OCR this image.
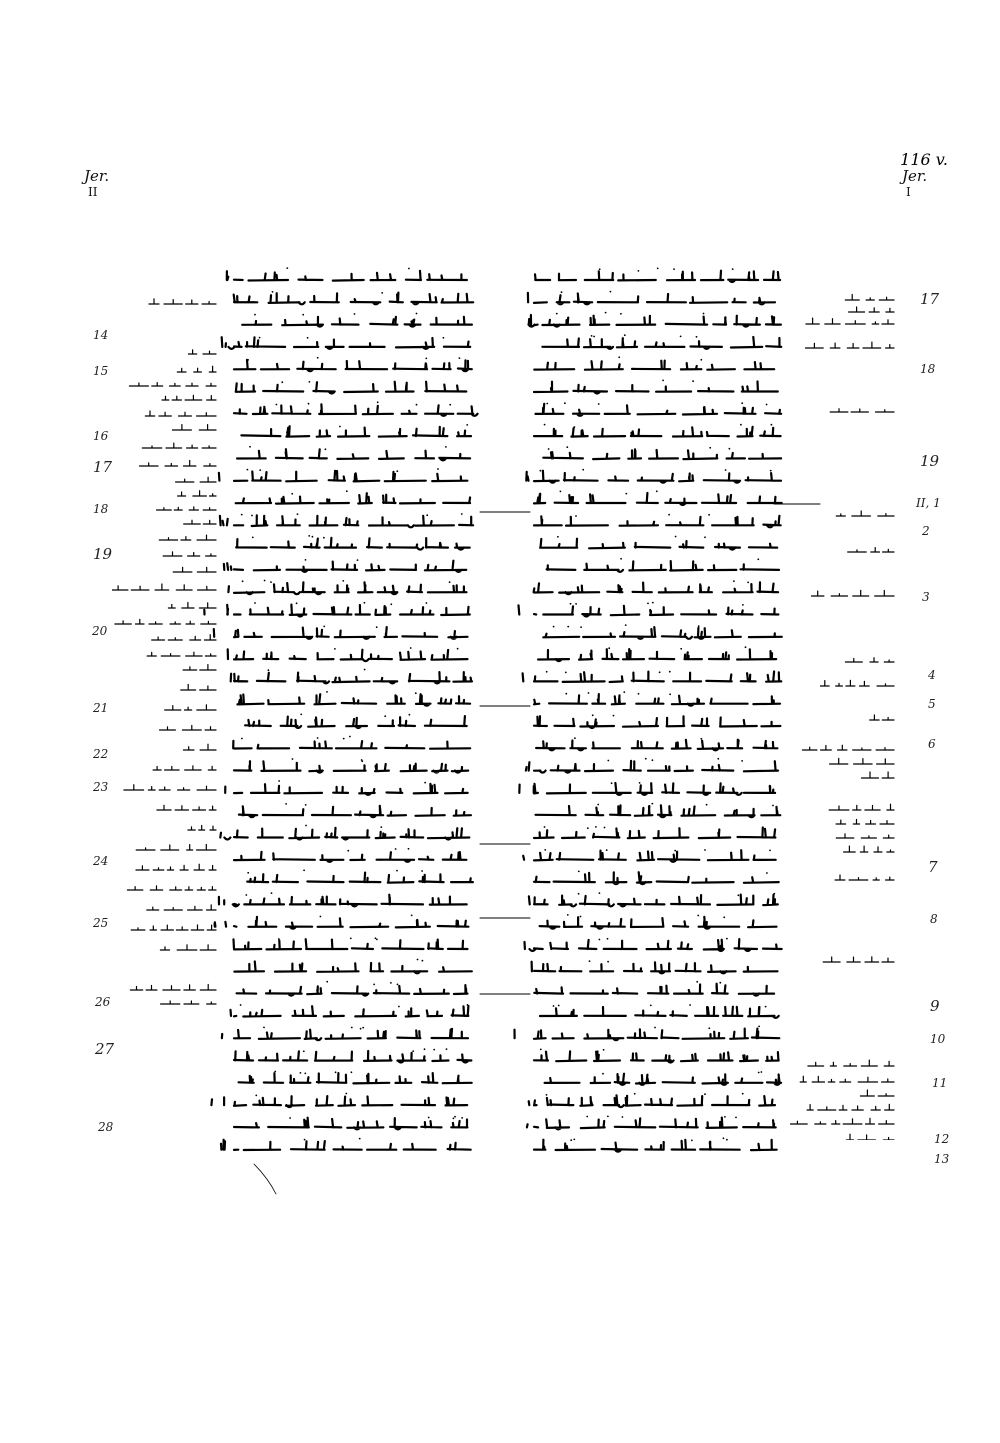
Jer.
II
Jer.
I
116 v.
14
15
16
17
18
19
20
21
22
23
24
25
26
27
28
17
18
19
II, 1
2
3
4
5
6
7
8
9
10
11
12
13
